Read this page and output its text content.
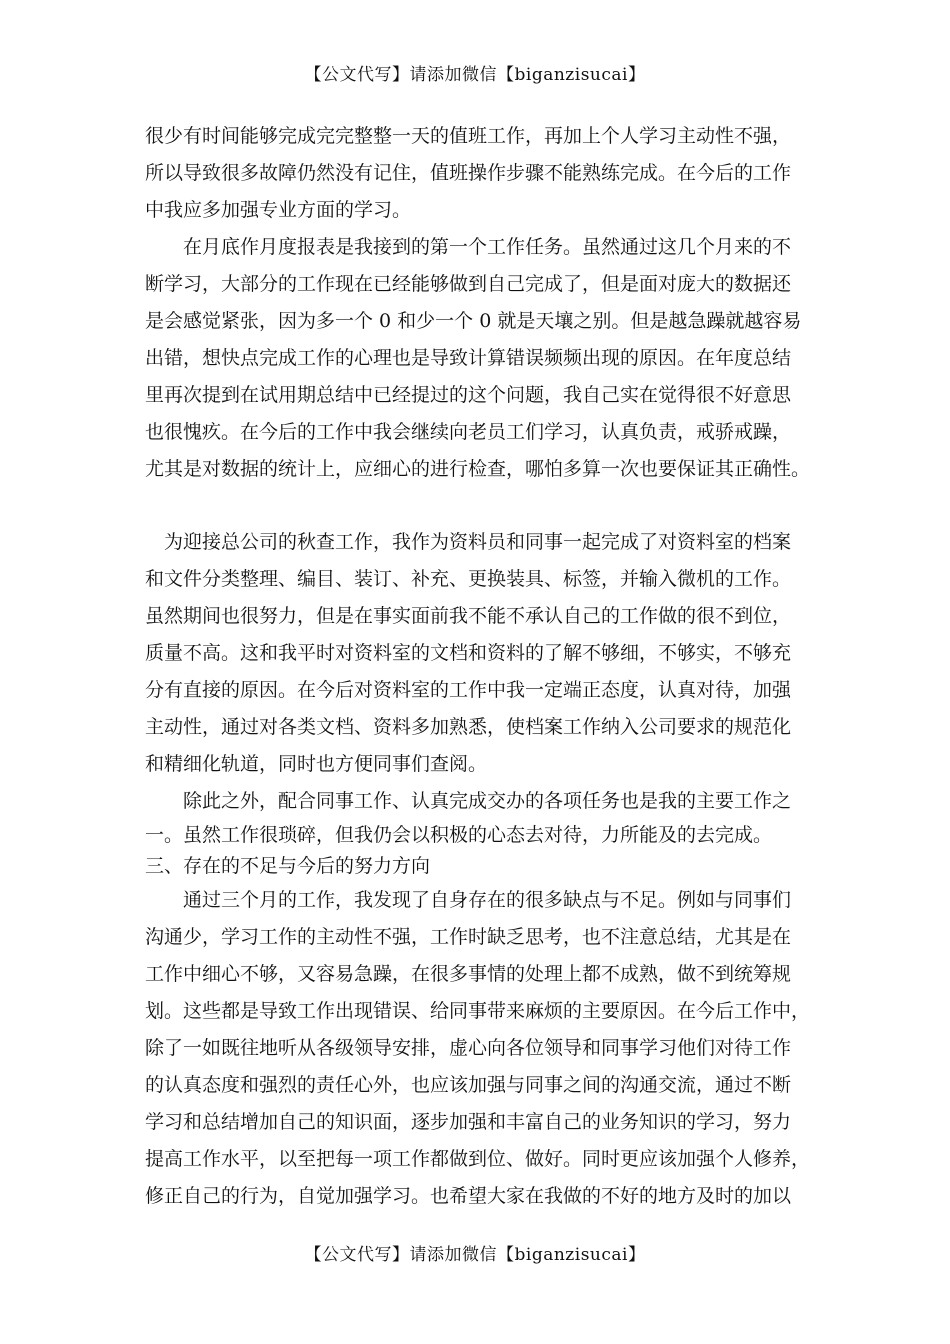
【公文代写】请添加微信【biganzisucai】
很少有时间能够完成完完整整一天的值班工作，再加上个人学习主动性不强，
所以导致很多故障仍然没有记住，值班操作步骤不能熟练完成。在今后的工作
中我应多加强专业方面的学习。
　　在月底作月度报表是我接到的第一个工作任务。虽然通过这几个月来的不
断学习，大部分的工作现在已经能够做到自己完成了，但是面对庞大的数据还
是会感觉紧张，因为多一个 0 和少一个 0 就是天壤之别。但是越急躁就越容易
出错，想快点完成工作的心理也是导致计算错误频频出现的原因。在年度总结
里再次提到在试用期总结中已经提过的这个问题，我自己实在觉得很不好意思
也很愧疚。在今后的工作中我会继续向老员工们学习，认真负责，戒骄戒躁，
尤其是对数据的统计上，应细心的进行检查，哪怕多算一次也要保证其正确性。
　为迎接总公司的秋查工作，我作为资料员和同事一起完成了对资料室的档案
和文件分类整理、编目、装订、补充、更换装具、标签，并输入微机的工作。
虽然期间也很努力，但是在事实面前我不能不承认自己的工作做的很不到位，
质量不高。这和我平时对资料室的文档和资料的了解不够细，不够实，不够充
分有直接的原因。在今后对资料室的工作中我一定端正态度，认真对待，加强
主动性，通过对各类文档、资料多加熟悉，使档案工作纳入公司要求的规范化
和精细化轨道，同时也方便同事们查阅。
　　除此之外，配合同事工作、认真完成交办的各项任务也是我的主要工作之
一。虽然工作很琐碎，但我仍会以积极的心态去对待，力所能及的去完成。
三、存在的不足与今后的努力方向
　　通过三个月的工作，我发现了自身存在的很多缺点与不足。例如与同事们
沟通少，学习工作的主动性不强，工作时缺乏思考，也不注意总结，尤其是在
工作中细心不够，又容易急躁，在很多事情的处理上都不成熟，做不到统筹规
划。这些都是导致工作出现错误、给同事带来麻烦的主要原因。在今后工作中，
除了一如既往地听从各级领导安排，虚心向各位领导和同事学习他们对待工作
的认真态度和强烈的责任心外，也应该加强与同事之间的沟通交流，通过不断
学习和总结增加自己的知识面，逐步加强和丰富自己的业务知识的学习，努力
提高工作水平，以至把每一项工作都做到位、做好。同时更应该加强个人修养，
修正自己的行为，自觉加强学习。也希望大家在我做的不好的地方及时的加以
【公文代写】请添加微信【biganzisucai】
